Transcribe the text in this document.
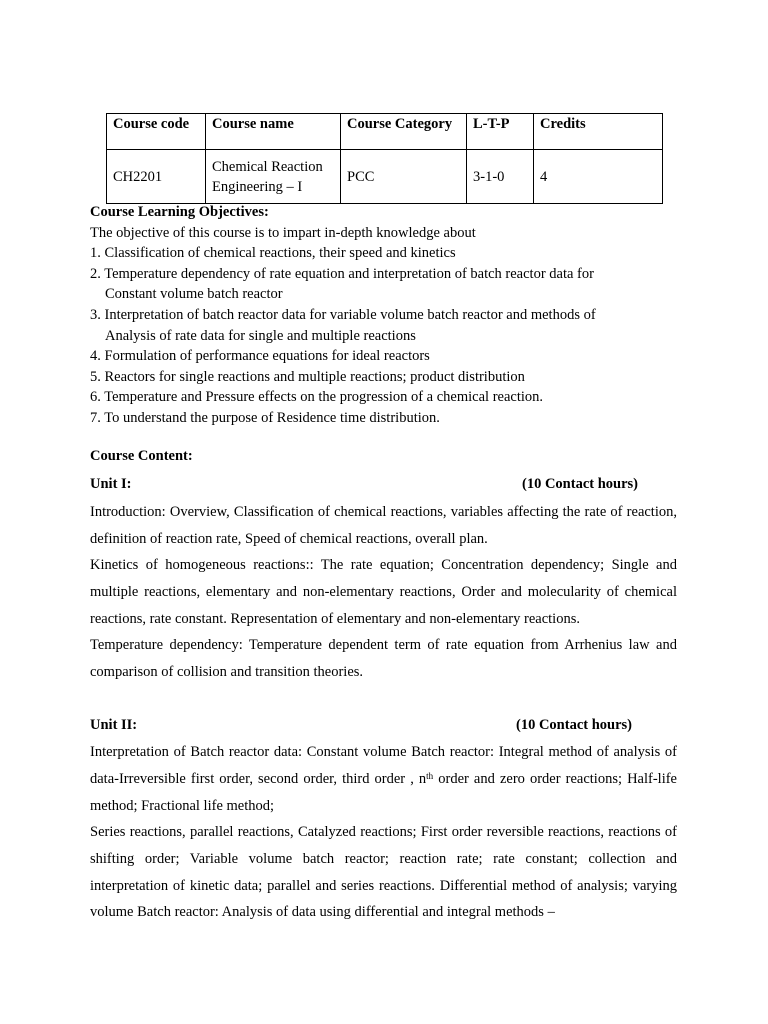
Course code	Course name	Course Category	L-T-P	Credits
CH2201	Chemical Reaction
Engineering – I	PCC	3-1-0	4
Course Learning Objectives:
The objective of this course is to impart in-depth knowledge about
1. Classification of chemical reactions, their speed and kinetics
2. Temperature dependency of rate equation and interpretation of batch reactor data for Constant volume batch reactor
3. Interpretation of batch reactor data for variable volume batch reactor and methods of Analysis of rate data for single and multiple reactions
4. Formulation of performance equations for ideal reactors
5. Reactors for single reactions and multiple reactions; product distribution
6. Temperature and Pressure effects on the progression of a chemical reaction.
7. To understand the purpose of Residence time distribution.
Course Content:
Unit I:	(10 Contact hours)
Introduction: Overview, Classification of chemical reactions, variables affecting the rate of reaction, definition of reaction rate, Speed of chemical reactions, overall plan.
Kinetics of homogeneous reactions:: The rate equation; Concentration dependency; Single and multiple reactions, elementary and non-elementary reactions, Order and molecularity of chemical reactions, rate constant. Representation of elementary and non-elementary reactions.
Temperature dependency: Temperature dependent term of rate equation from Arrhenius law and comparison of collision and transition theories.
Unit II:	(10 Contact hours)
Interpretation of Batch reactor data: Constant volume Batch reactor: Integral method of analysis of data-Irreversible first order, second order, third order , $n^{th}$ order and zero order reactions; Half-life method; Fractional life method;
Series reactions, parallel reactions, Catalyzed reactions; First order reversible reactions, reactions of shifting order; Variable volume batch reactor; reaction rate; rate constant; collection and interpretation of kinetic data; parallel and series reactions. Differential method of analysis; varying volume Batch reactor: Analysis of data using differential and integral methods –
